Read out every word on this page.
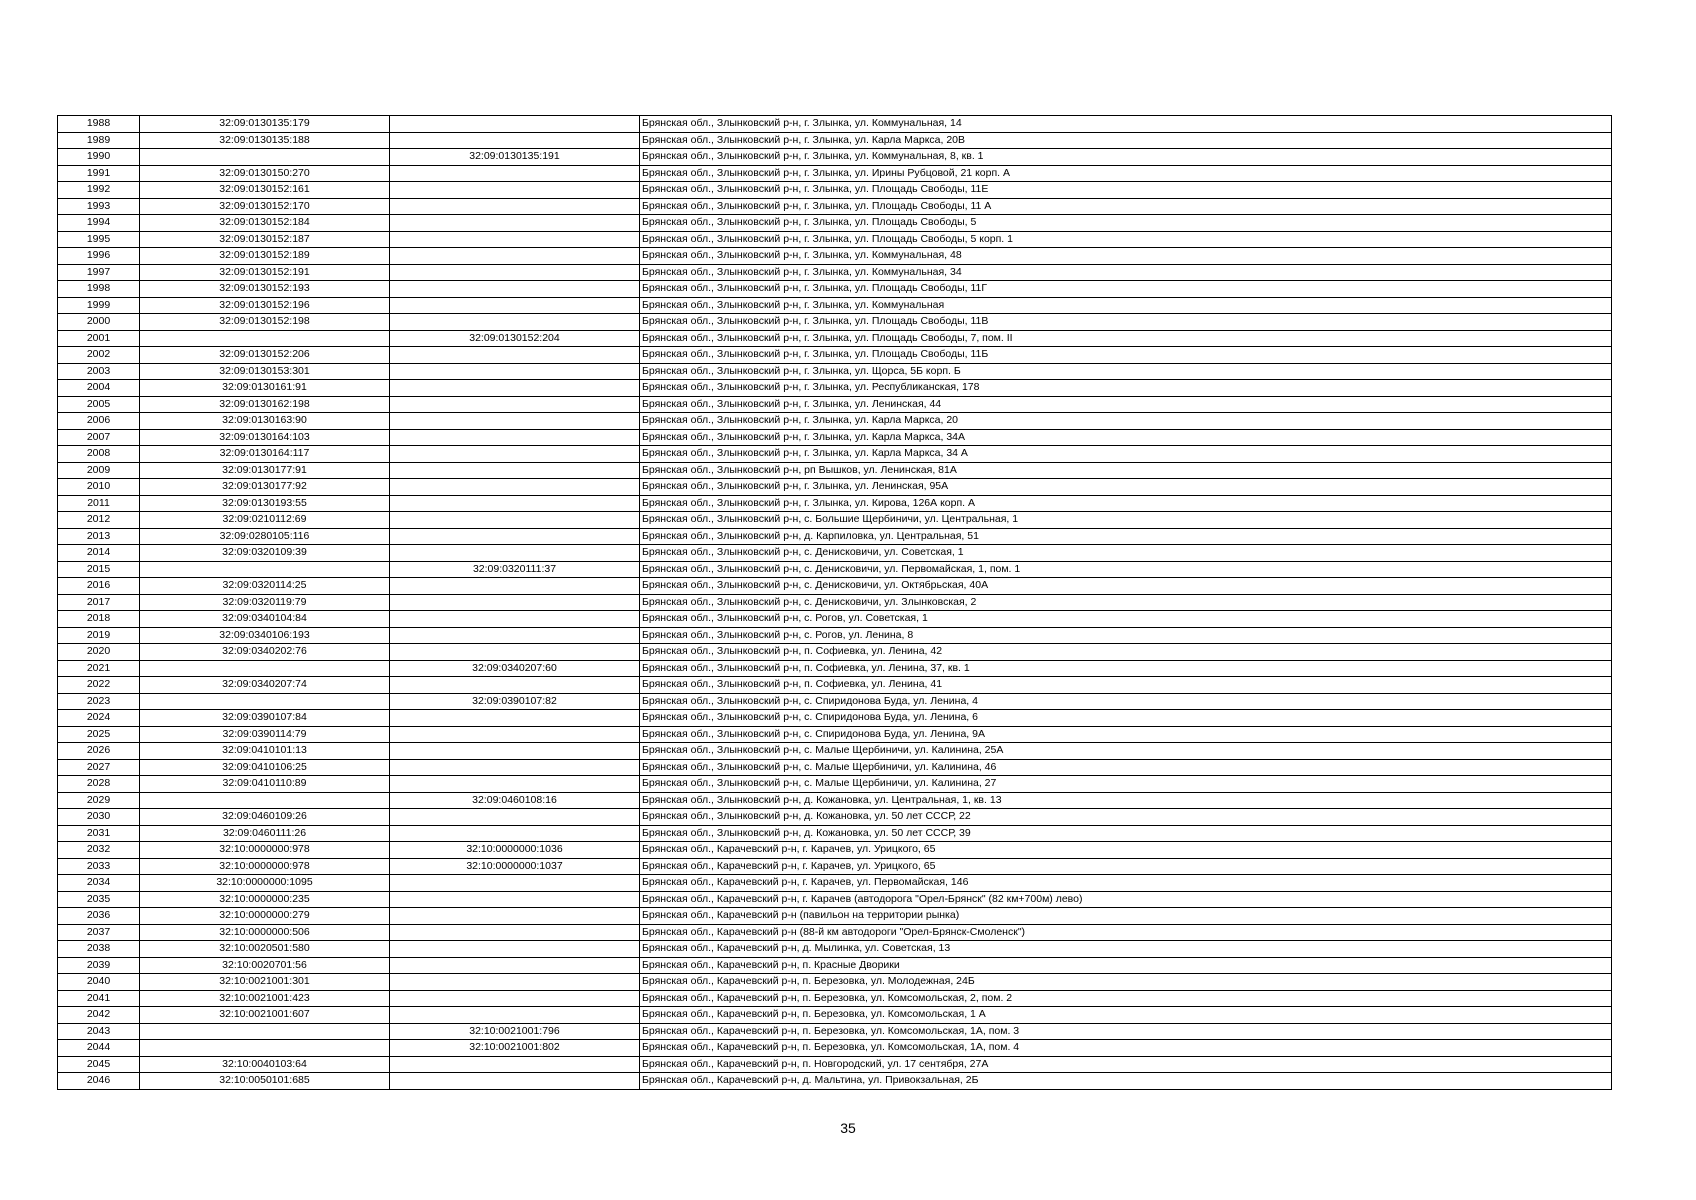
1988	32:09:0130135:179		Брянская обл., Злынковский р-н, г. Злынка, ул. Коммунальная, 14
1989	32:09:0130135:188		Брянская обл., Злынковский р-н, г. Злынка, ул. Карла Маркса, 20В
1990		32:09:0130135:191	Брянская обл., Злынковский р-н, г. Злынка, ул. Коммунальная, 8, кв. 1
1991	32:09:0130150:270		Брянская обл., Злынковский р-н, г. Злынка, ул. Ирины Рубцовой, 21 корп. А
1992	32:09:0130152:161		Брянская обл., Злынковский р-н, г. Злынка, ул. Площадь Свободы, 11Е
1993	32:09:0130152:170		Брянская обл., Злынковский р-н, г. Злынка, ул. Площадь Свободы, 11 А
1994	32:09:0130152:184		Брянская обл., Злынковский р-н, г. Злынка, ул. Площадь Свободы, 5
1995	32:09:0130152:187		Брянская обл., Злынковский р-н, г. Злынка, ул. Площадь Свободы, 5 корп. 1
1996	32:09:0130152:189		Брянская обл., Злынковский р-н, г. Злынка, ул. Коммунальная, 48
1997	32:09:0130152:191		Брянская обл., Злынковский р-н, г. Злынка, ул. Коммунальная, 34
1998	32:09:0130152:193		Брянская обл., Злынковский р-н, г. Злынка, ул. Площадь Свободы, 11Г
1999	32:09:0130152:196		Брянская обл., Злынковский р-н, г. Злынка, ул. Коммунальная
2000	32:09:0130152:198		Брянская обл., Злынковский р-н, г. Злынка, ул. Площадь Свободы, 11В
2001		32:09:0130152:204	Брянская обл., Злынковский р-н, г. Злынка, ул. Площадь Свободы, 7, пом. II
2002	32:09:0130152:206		Брянская обл., Злынковский р-н, г. Злынка, ул. Площадь Свободы, 11Б
2003	32:09:0130153:301		Брянская обл., Злынковский р-н, г. Злынка, ул. Щорса, 5Б корп. Б
2004	32:09:0130161:91		Брянская обл., Злынковский р-н, г. Злынка, ул. Республиканская, 178
2005	32:09:0130162:198		Брянская обл., Злынковский р-н, г. Злынка, ул. Ленинская, 44
2006	32:09:0130163:90		Брянская обл., Злынковский р-н, г. Злынка, ул. Карла Маркса, 20
2007	32:09:0130164:103		Брянская обл., Злынковский р-н, г. Злынка, ул. Карла Маркса, 34А
2008	32:09:0130164:117		Брянская обл., Злынковский р-н, г. Злынка, ул. Карла Маркса, 34 А
2009	32:09:0130177:91		Брянская обл., Злынковский р-н, рп Вышков, ул. Ленинская, 81А
2010	32:09:0130177:92		Брянская обл., Злынковский р-н, г. Злынка, ул. Ленинская, 95А
2011	32:09:0130193:55		Брянская обл., Злынковский р-н, г. Злынка, ул. Кирова, 126А корп. А
2012	32:09:0210112:69		Брянская обл., Злынковский р-н, с. Большие Щербиничи, ул. Центральная, 1
2013	32:09:0280105:116		Брянская обл., Злынковский р-н, д. Карпиловка, ул. Центральная, 51
2014	32:09:0320109:39		Брянская обл., Злынковский р-н, с. Денисковичи, ул. Советская, 1
2015		32:09:0320111:37	Брянская обл., Злынковский р-н, с. Денисковичи, ул. Первомайская, 1, пом. 1
2016	32:09:0320114:25		Брянская обл., Злынковский р-н, с. Денисковичи, ул. Октябрьская, 40А
2017	32:09:0320119:79		Брянская обл., Злынковский р-н, с. Денисковичи, ул. Злынковская, 2
2018	32:09:0340104:84		Брянская обл., Злынковский р-н, с. Рогов, ул. Советская, 1
2019	32:09:0340106:193		Брянская обл., Злынковский р-н, с. Рогов, ул. Ленина, 8
2020	32:09:0340202:76		Брянская обл., Злынковский р-н, п. Софиевка, ул. Ленина, 42
2021		32:09:0340207:60	Брянская обл., Злынковский р-н, п. Софиевка, ул. Ленина, 37, кв. 1
2022	32:09:0340207:74		Брянская обл., Злынковский р-н, п. Софиевка, ул. Ленина, 41
2023		32:09:0390107:82	Брянская обл., Злынковский р-н, с. Спиридонова Буда, ул. Ленина, 4
2024	32:09:0390107:84		Брянская обл., Злынковский р-н, с. Спиридонова Буда, ул. Ленина, 6
2025	32:09:0390114:79		Брянская обл., Злынковский р-н, с. Спиридонова Буда, ул. Ленина, 9А
2026	32:09:0410101:13		Брянская обл., Злынковский р-н, с. Малые Щербиничи, ул. Калинина, 25А
2027	32:09:0410106:25		Брянская обл., Злынковский р-н, с. Малые Щербиничи, ул. Калинина, 46
2028	32:09:0410110:89		Брянская обл., Злынковский р-н, с. Малые Щербиничи, ул. Калинина, 27
2029		32:09:0460108:16	Брянская обл., Злынковский р-н, д. Кожановка, ул. Центральная, 1, кв. 13
2030	32:09:0460109:26		Брянская обл., Злынковский р-н, д. Кожановка, ул. 50 лет СССР, 22
2031	32:09:0460111:26		Брянская обл., Злынковский р-н, д. Кожановка, ул. 50 лет СССР, 39
2032	32:10:0000000:978	32:10:0000000:1036	Брянская обл., Карачевский р-н, г. Карачев, ул. Урицкого, 65
2033	32:10:0000000:978	32:10:0000000:1037	Брянская обл., Карачевский р-н, г. Карачев, ул. Урицкого, 65
2034	32:10:0000000:1095		Брянская обл., Карачевский р-н, г. Карачев, ул. Первомайская, 146
2035	32:10:0000000:235		Брянская обл., Карачевский р-н, г. Карачев (автодорога "Орел-Брянск" (82 км+700м) лево)
2036	32:10:0000000:279		Брянская обл., Карачевский р-н (павильон на территории рынка)
2037	32:10:0000000:506		Брянская обл., Карачевский р-н (88-й км автодороги "Орел-Брянск-Смоленск")
2038	32:10:0020501:580		Брянская обл., Карачевский р-н, д. Мылинка, ул. Советская, 13
2039	32:10:0020701:56		Брянская обл., Карачевский р-н, п. Красные Дворики
2040	32:10:0021001:301		Брянская обл., Карачевский р-н, п. Березовка, ул. Молодежная, 24Б
2041	32:10:0021001:423		Брянская обл., Карачевский р-н, п. Березовка, ул. Комсомольская, 2, пом. 2
2042	32:10:0021001:607		Брянская обл., Карачевский р-н, п. Березовка, ул. Комсомольская, 1 А
2043		32:10:0021001:796	Брянская обл., Карачевский р-н, п. Березовка, ул. Комсомольская, 1А, пом. 3
2044		32:10:0021001:802	Брянская обл., Карачевский р-н, п. Березовка, ул. Комсомольская, 1А, пом. 4
2045	32:10:0040103:64		Брянская обл., Карачевский р-н, п. Новгородский, ул. 17 сентября, 27А
2046	32:10:0050101:685		Брянская обл., Карачевский р-н, д. Мальтина, ул. Привокзальная, 2Б
35
